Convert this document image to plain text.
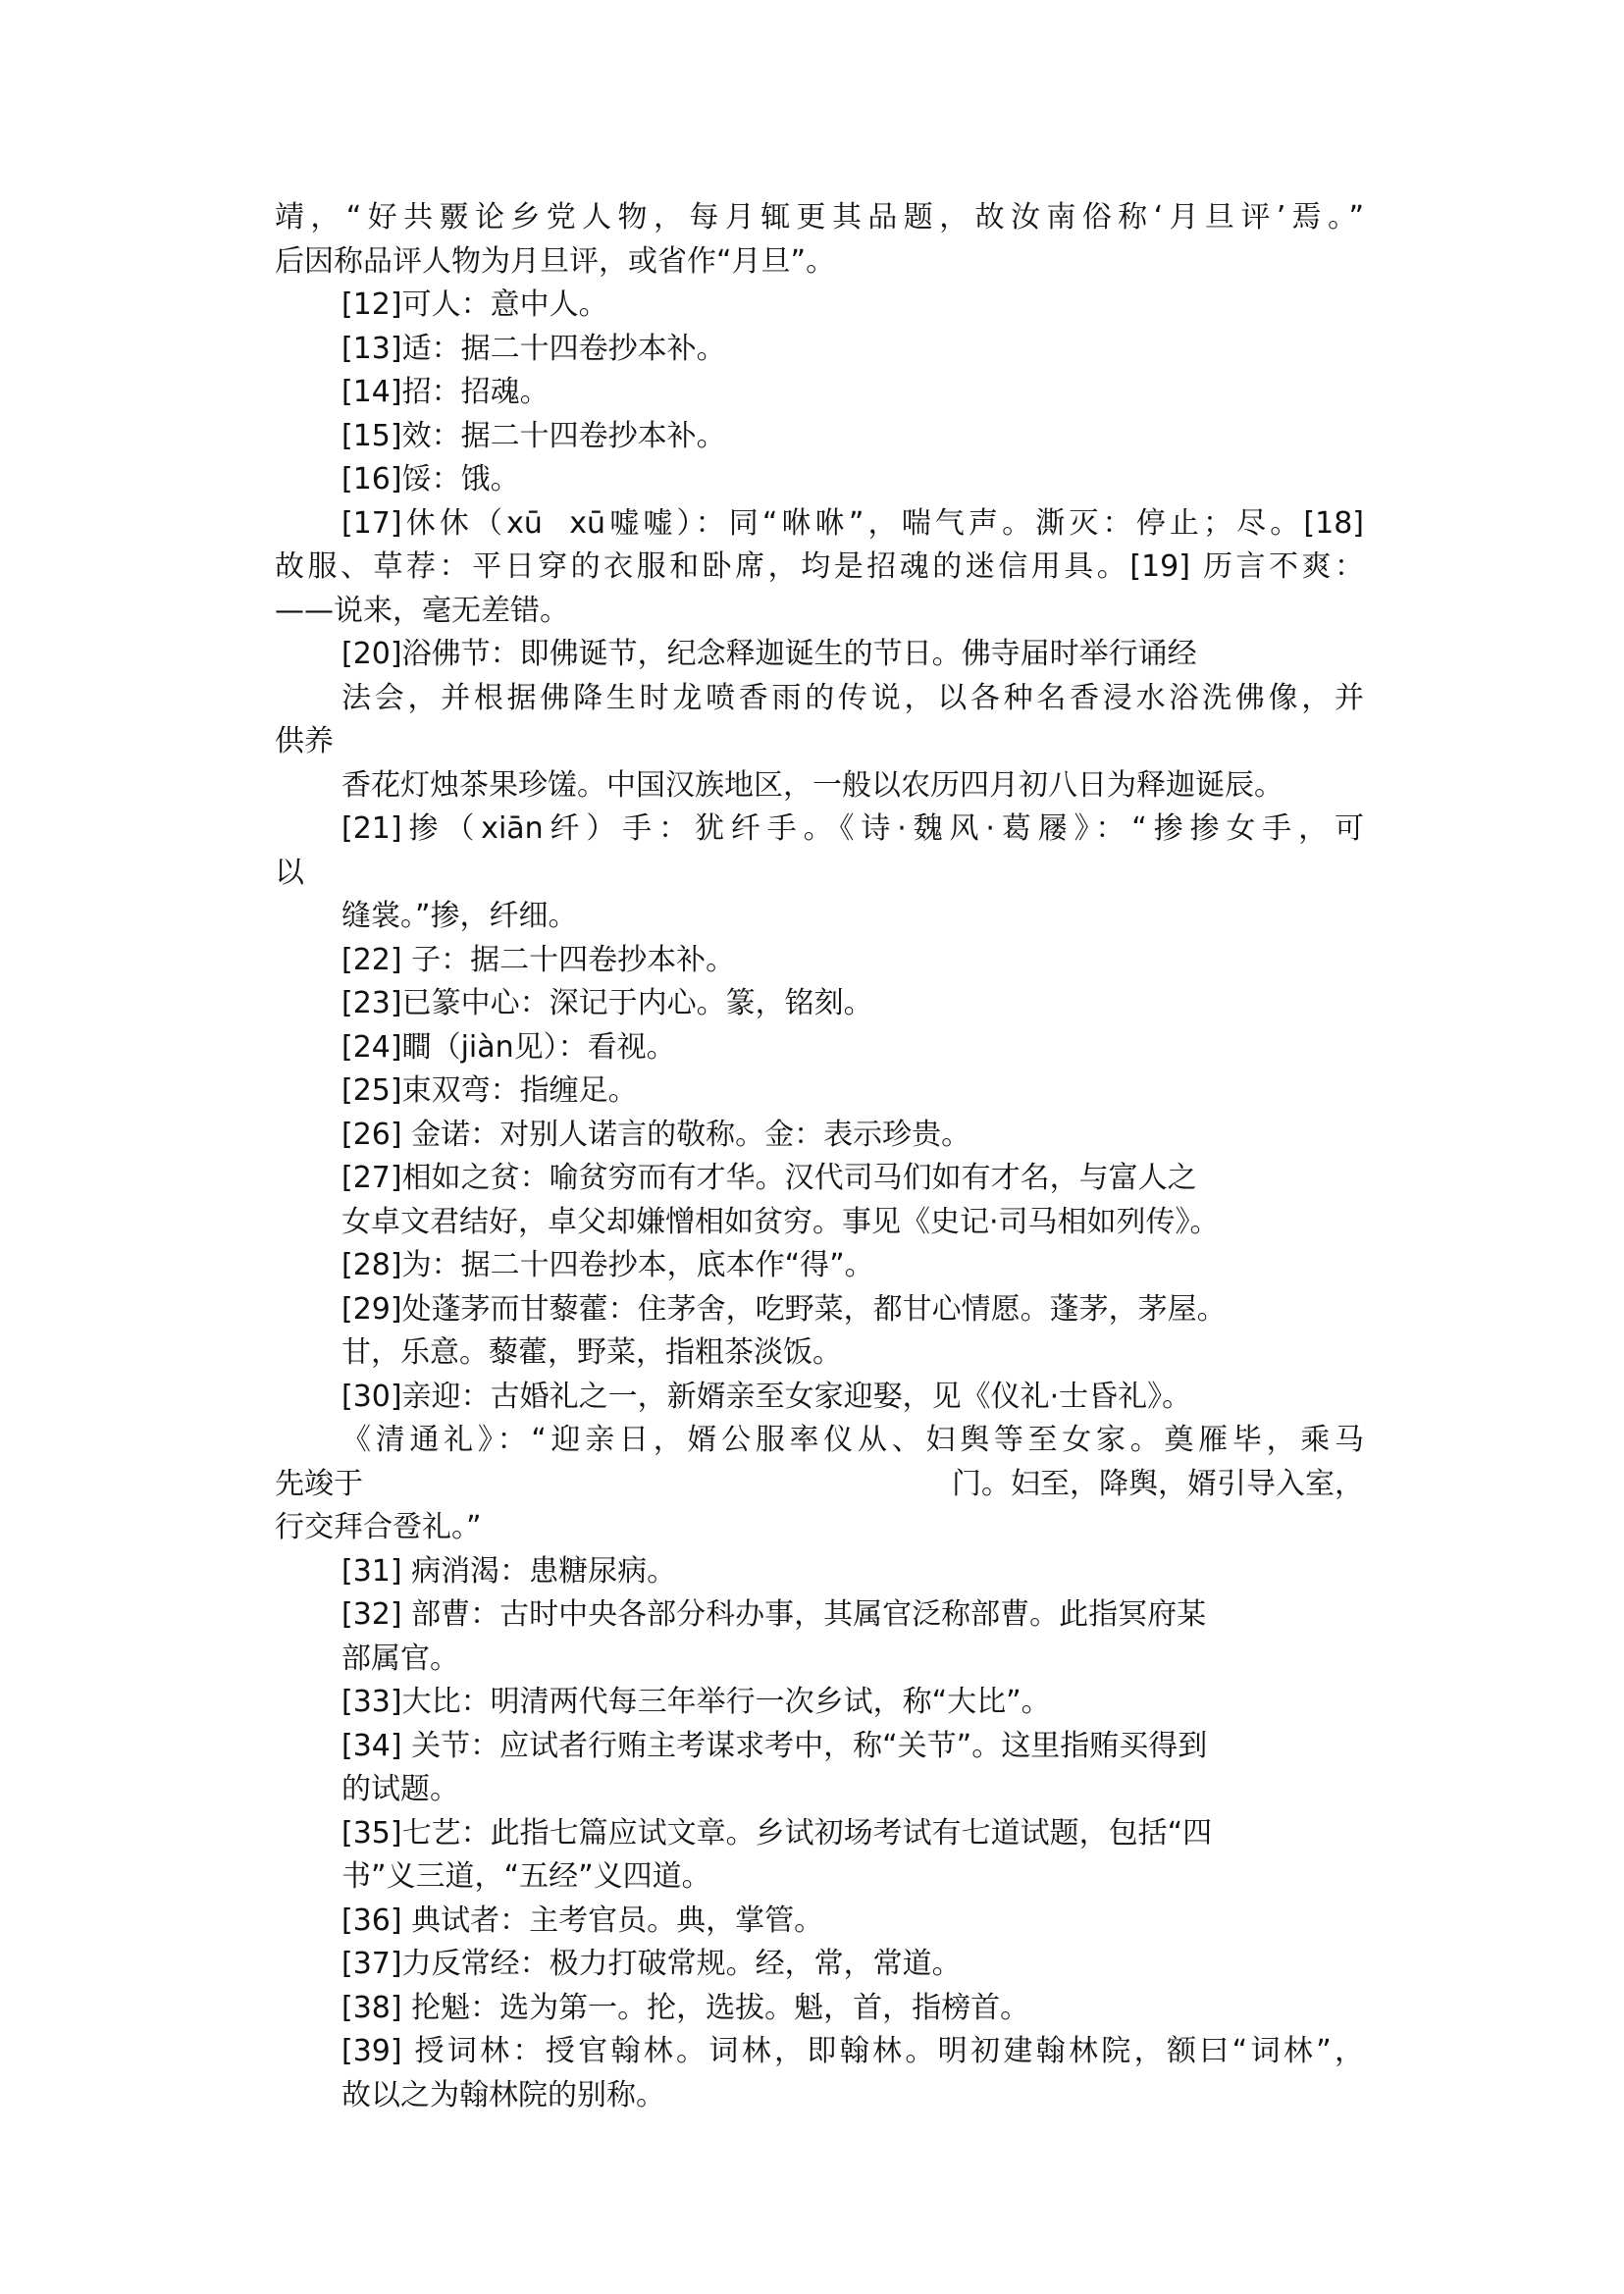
靖，“好共覈论乡党人物，每月辄更其品题，故汝南俗称‘月旦评’焉。”
后因称品评人物为月旦评，或省作“月旦”。
[12]可人：意中人。
[13]适：据二十四卷抄本补。
[14]招：招魂。
[15]效：据二十四卷抄本补。
[16]馁：饿。
[17]休休（xū  xū嘘嘘）：同“咻咻”，喘气声。澌灭：停止；尽。[18]
故服、草荐：平日穿的衣服和卧席，均是招魂的迷信用具。[19] 历言不爽：
——说来，毫无差错。
[20]浴佛节：即佛诞节，纪念释迦诞生的节日。佛寺届时举行诵经
法会，并根据佛降生时龙喷香雨的传说，以各种名香浸水浴洗佛像，并
供养
香花灯烛茶果珍馐。中国汉族地区，一般以农历四月初八日为释迦诞辰。
[21]掺（xiān纤）手：犹纤手。《诗·魏风·葛屦》：“掺掺女手，可
以
缝裳。”掺，纤细。
[22] 子：据二十四卷抄本补。
[23]已篆中心：深记于内心。篆，铭刻。
[24]瞷（jiàn见）：看视。
[25]束双弯：指缠足。
[26] 金诺：对别人诺言的敬称。金：表示珍贵。
[27]相如之贫：喻贫穷而有才华。汉代司马们如有才名，与富人之
女卓文君结好，卓父却嫌憎相如贫穷。事见《史记·司马相如列传》。
[28]为：据二十四卷抄本，底本作“得”。
[29]处蓬茅而甘藜藿：住茅舍，吃野菜，都甘心情愿。蓬茅，茅屋。
甘，乐意。藜藿，野菜，指粗茶淡饭。
[30]亲迎：古婚礼之一，新婿亲至女家迎娶，见《仪礼·士昏礼》。
《清通礼》：“迎亲日，婿公服率仪从、妇舆等至女家。奠雁毕，乘马
先竣于	门。妇至，降舆，婿引导入室，
行交拜合卺礼。”
[31] 病消渴：患糖尿病。
[32] 部曹：古时中央各部分科办事，其属官泛称部曹。此指冥府某
部属官。
[33]大比：明清两代每三年举行一次乡试，称“大比”。
[34] 关节：应试者行贿主考谋求考中，称“关节”。这里指贿买得到
的试题。
[35]七艺：此指七篇应试文章。乡试初场考试有七道试题，包括“四
书”义三道，“五经”义四道。
[36] 典试者：主考官员。典，掌管。
[37]力反常经：极力打破常规。经，常，常道。
[38] 抡魁：选为第一。抡，选拔。魁，首，指榜首。
[39] 授词林：授官翰林。词林，即翰林。明初建翰林院，额曰“词林”，
故以之为翰林院的别称。
